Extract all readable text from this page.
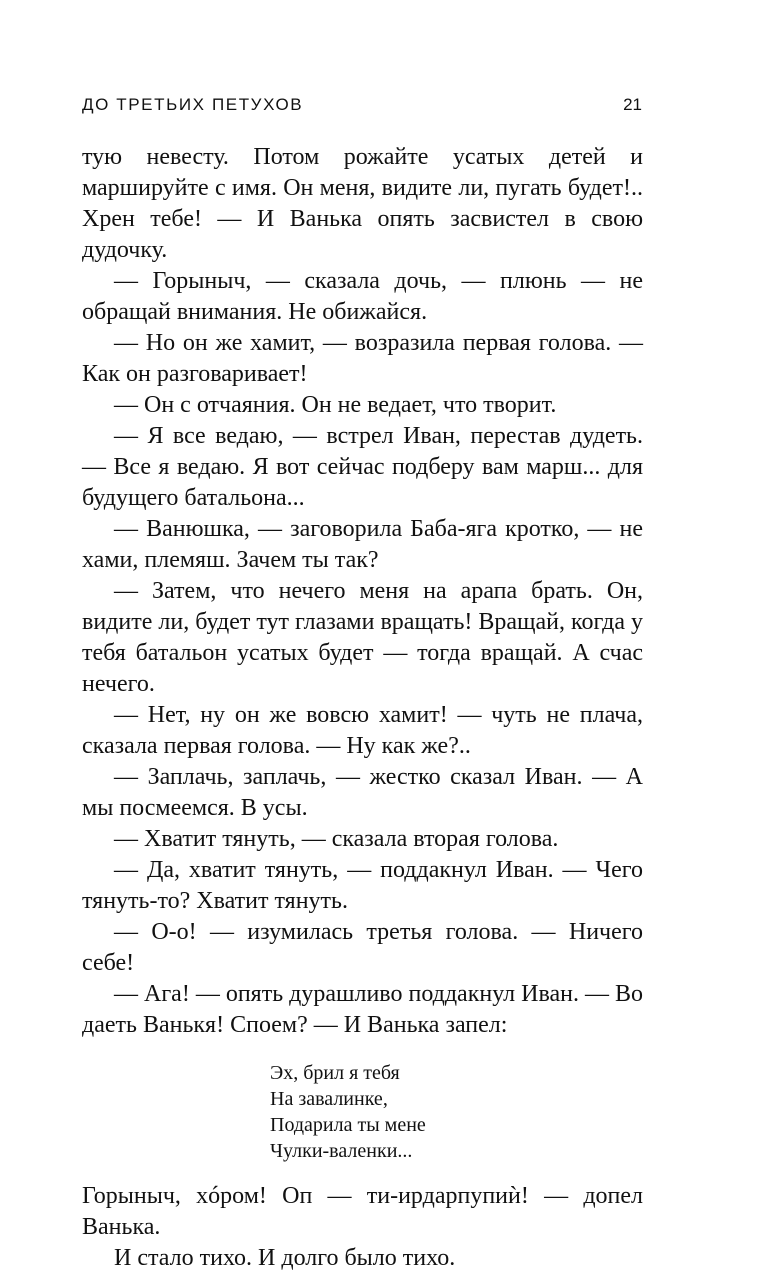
ДО ТРЕТЬИХ ПЕТУХОВ	21

тую невесту. Потом рожайте усатых детей и маршируйте с имя. Он меня, видите ли, пугать будет!.. Хрен тебе! — И Ванька опять засвистел в свою дудочку.

— Горыныч, — сказала дочь, — плюнь — не обращай внимания. Не обижайся.

— Но он же хамит, — возразила первая голова. — Как он разговаривает!

— Он с отчаяния. Он не ведает, что творит.

— Я все ведаю, — встрел Иван, перестав дудеть. — Все я ведаю. Я вот сейчас подберу вам марш... для будущего батальона...

— Ванюшка, — заговорила Баба-яга кротко, — не хами, племяш. Зачем ты так?

— Затем, что нечего меня на арапа брать. Он, видите ли, будет тут глазами вращать! Вращай, когда у тебя батальон усатых будет — тогда вращай. А счас нечего.

— Нет, ну он же вовсю хамит! — чуть не плача, сказала первая голова. — Ну как же?..

— Заплачь, заплачь, — жестко сказал Иван. — А мы посмеемся. В усы.

— Хватит тянуть, — сказала вторая голова.

— Да, хватит тянуть, — поддакнул Иван. — Чего тянуть-то? Хватит тянуть.

— О-о! — изумилась третья голова. — Ничего себе!

— Ага! — опять дурашливо поддакнул Иван. — Во даеть Ванькя! Споем? — И Ванька запел:

Эх, брил я тебя
На завалинке,
Подарила ты мене
Чулки-валенки...

Горыныч, хóром! Оп — ти-ирдарпупиѝ! — допел Ванька.

И стало тихо. И долго было тихо.
